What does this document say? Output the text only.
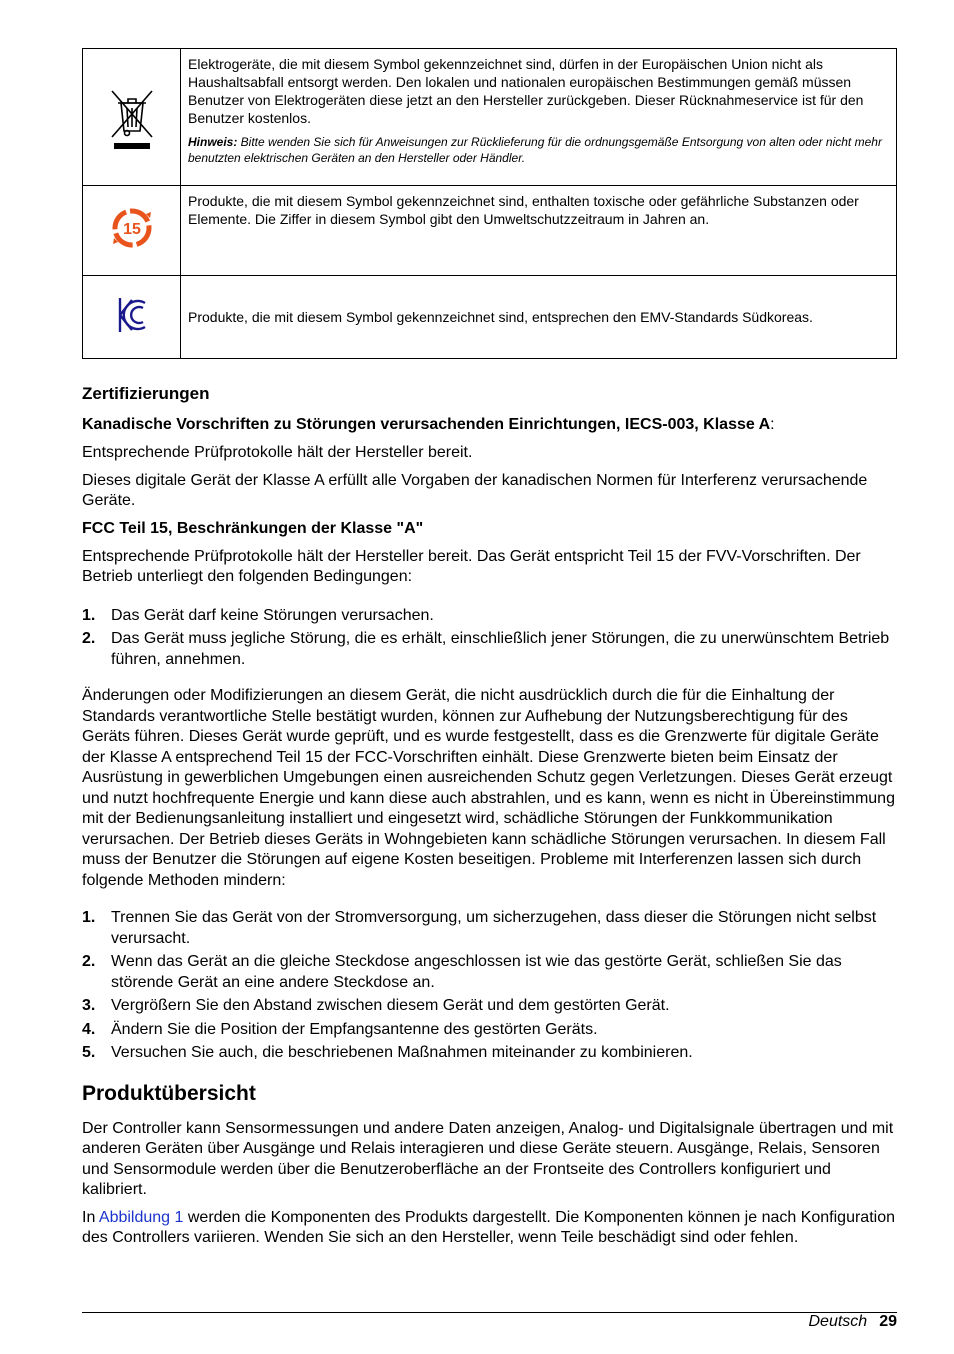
Elektrogeräte, die mit diesem Symbol gekennzeichnet sind, dürfen in der Europäischen Union nicht als Haushaltsabfall entsorgt werden. Den lokalen und nationalen europäischen Bestimmungen gemäß müssen Benutzer von Elektrogeräten diese jetzt an den Hersteller zurückgeben. Dieser Rücknahmeservice ist für den Benutzer kostenlos.

Hinweis: Bitte wenden Sie sich für Anweisungen zur Rücklieferung für die ordnungsgemäße Entsorgung von alten oder nicht mehr benutzten elektrischen Geräten an den Hersteller oder Händler.

15	Produkte, die mit diesem Symbol gekennzeichnet sind, enthalten toxische oder gefährliche Substanzen oder Elemente. Die Ziffer in diesem Symbol gibt den Umweltschutzzeitraum in Jahren an.

Produkte, die mit diesem Symbol gekennzeichnet sind, entsprechen den EMV-Standards Südkoreas.

Zertifizierungen
Kanadische Vorschriften zu Störungen verursachenden Einrichtungen, IECS-003, Klasse A:

Entsprechende Prüfprotokolle hält der Hersteller bereit.

Dieses digitale Gerät der Klasse A erfüllt alle Vorgaben der kanadischen Normen für Interferenz verursachende Geräte.

FCC Teil 15, Beschränkungen der Klasse "A"

Entsprechende Prüfprotokolle hält der Hersteller bereit. Das Gerät entspricht Teil 15 der FVV-Vorschriften. Der Betrieb unterliegt den folgenden Bedingungen:

1. Das Gerät darf keine Störungen verursachen.
2. Das Gerät muss jegliche Störung, die es erhält, einschließlich jener Störungen, die zu unerwünschtem Betrieb führen, annehmen.

Änderungen oder Modifizierungen an diesem Gerät, die nicht ausdrücklich durch die für die Einhaltung der Standards verantwortliche Stelle bestätigt wurden, können zur Aufhebung der Nutzungsberechtigung für des Geräts führen. Dieses Gerät wurde geprüft, und es wurde festgestellt, dass es die Grenzwerte für digitale Geräte der Klasse A entsprechend Teil 15 der FCC-Vorschriften einhält. Diese Grenzwerte bieten beim Einsatz der Ausrüstung in gewerblichen Umgebungen einen ausreichenden Schutz gegen Verletzungen. Dieses Gerät erzeugt und nutzt hochfrequente Energie und kann diese auch abstrahlen, und es kann, wenn es nicht in Übereinstimmung mit der Bedienungsanleitung installiert und eingesetzt wird, schädliche Störungen der Funkkommunikation verursachen. Der Betrieb dieses Geräts in Wohngebieten kann schädliche Störungen verursachen. In diesem Fall muss der Benutzer die Störungen auf eigene Kosten beseitigen. Probleme mit Interferenzen lassen sich durch folgende Methoden mindern:

1. Trennen Sie das Gerät von der Stromversorgung, um sicherzugehen, dass dieser die Störungen nicht selbst verursacht.
2. Wenn das Gerät an die gleiche Steckdose angeschlossen ist wie das gestörte Gerät, schließen Sie das störende Gerät an eine andere Steckdose an.
3. Vergrößern Sie den Abstand zwischen diesem Gerät und dem gestörten Gerät.
4. Ändern Sie die Position der Empfangsantenne des gestörten Geräts.
5. Versuchen Sie auch, die beschriebenen Maßnahmen miteinander zu kombinieren.
Produktübersicht

Der Controller kann Sensormessungen und andere Daten anzeigen, Analog- und Digitalsignale übertragen und mit anderen Geräten über Ausgänge und Relais interagieren und diese Geräte steuern. Ausgänge, Relais, Sensoren und Sensormodule werden über die Benutzeroberfläche an der Frontseite des Controllers konfiguriert und kalibriert.

In Abbildung 1 werden die Komponenten des Produkts dargestellt. Die Komponenten können je nach Konfiguration des Controllers variieren. Wenden Sie sich an den Hersteller, wenn Teile beschädigt sind oder fehlen.

Deutsch 29
